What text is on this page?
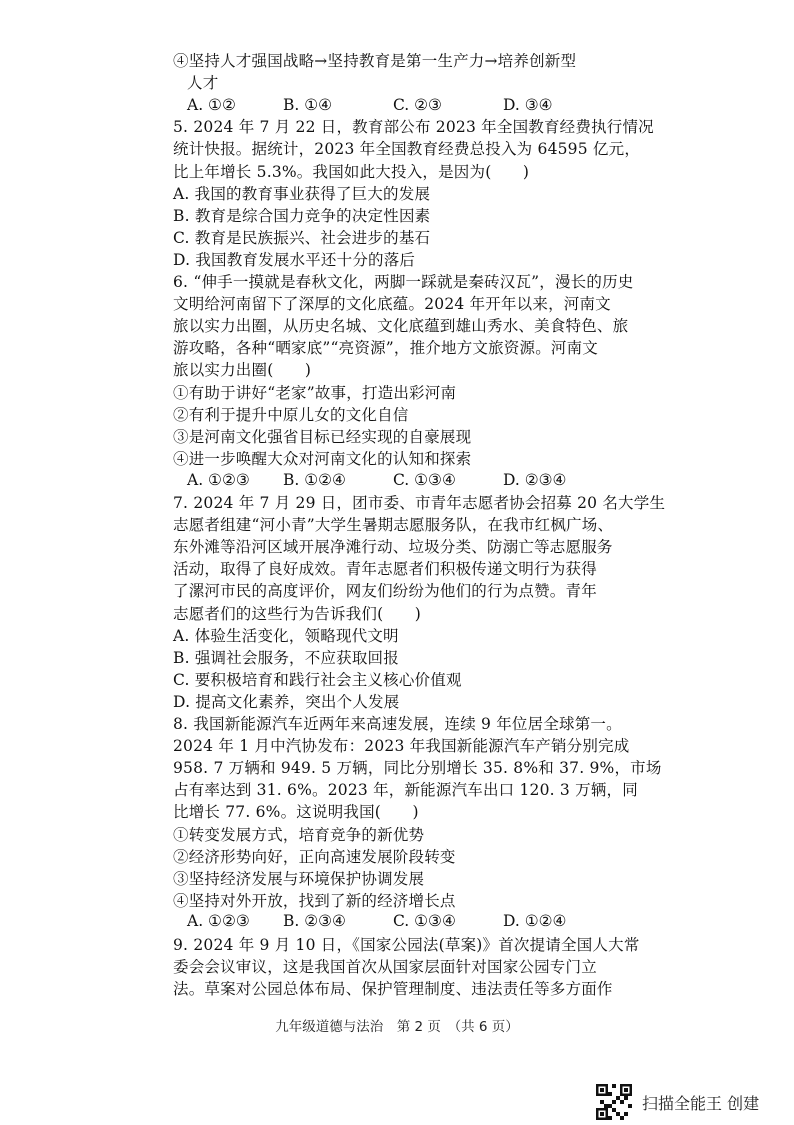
④坚持人才强国战略→坚持教育是第一生产力→培养创新型
人才
5. 2024 年 7 月 22 日，教育部公布 2023 年全国教育经费执行情况
统计快报。据统计，2023 年全国教育经费总投入为 64595 亿元，
比上年增长 5.3%。我国如此大投入，是因为(　　)
A. 我国的教育事业获得了巨大的发展
B. 教育是综合国力竞争的决定性因素
C. 教育是民族振兴、社会进步的基石
D. 我国教育发展水平还十分的落后
6. “伸手一摸就是春秋文化，两脚一踩就是秦砖汉瓦”，漫长的历史
文明给河南留下了深厚的文化底蕴。2024 年开年以来，河南文
旅以实力出圈，从历史名城、文化底蕴到雄山秀水、美食特色、旅
游攻略，各种“晒家底”“亮资源”，推介地方文旅资源。河南文
旅以实力出圈(　　)
①有助于讲好“老家”故事，打造出彩河南
②有利于提升中原儿女的文化自信
③是河南文化强省目标已经实现的自豪展现
④进一步唤醒大众对河南文化的认知和探索
7. 2024 年 7 月 29 日，团市委、市青年志愿者协会招募 20 名大学生
志愿者组建“河小青”大学生暑期志愿服务队，在我市红枫广场、
东外滩等沿河区域开展净滩行动、垃圾分类、防溺亡等志愿服务
活动，取得了良好成效。青年志愿者们积极传递文明行为获得
了漯河市民的高度评价，网友们纷纷为他们的行为点赞。青年
志愿者们的这些行为告诉我们(　　)
A. 体验生活变化，领略现代文明
B. 强调社会服务，不应获取回报
C. 要积极培育和践行社会主义核心价值观
D. 提高文化素养，突出个人发展
8. 我国新能源汽车近两年来高速发展，连续 9 年位居全球第一。
2024 年 1 月中汽协发布：2023 年我国新能源汽车产销分别完成
958. 7 万辆和 949. 5 万辆，同比分别增长 35. 8%和 37. 9%，市场
占有率达到 31. 6%。2023 年，新能源汽车出口 120. 3 万辆，同
比增长 77. 6%。这说明我国(　　)
①转变发展方式，培育竞争的新优势
②经济形势向好，正向高速发展阶段转变
③坚持经济发展与环境保护协调发展
④坚持对外开放，找到了新的经济增长点
9. 2024 年 9 月 10 日，《国家公园法(草案)》首次提请全国人大常
委会会议审议，这是我国首次从国家层面针对国家公园专门立
法。草案对公园总体布局、保护管理制度、违法责任等多方面作
A. ①②	B. ①④	C. ②③	D. ③④
A. ①②③ B. ①②④	C. ①③④	D. ②③④
A. ①②③ B. ②③④	C. ①③④	D. ①②④
九年级道德与法治　第 2 页　（共 6 页）
扫描全能王 创建
